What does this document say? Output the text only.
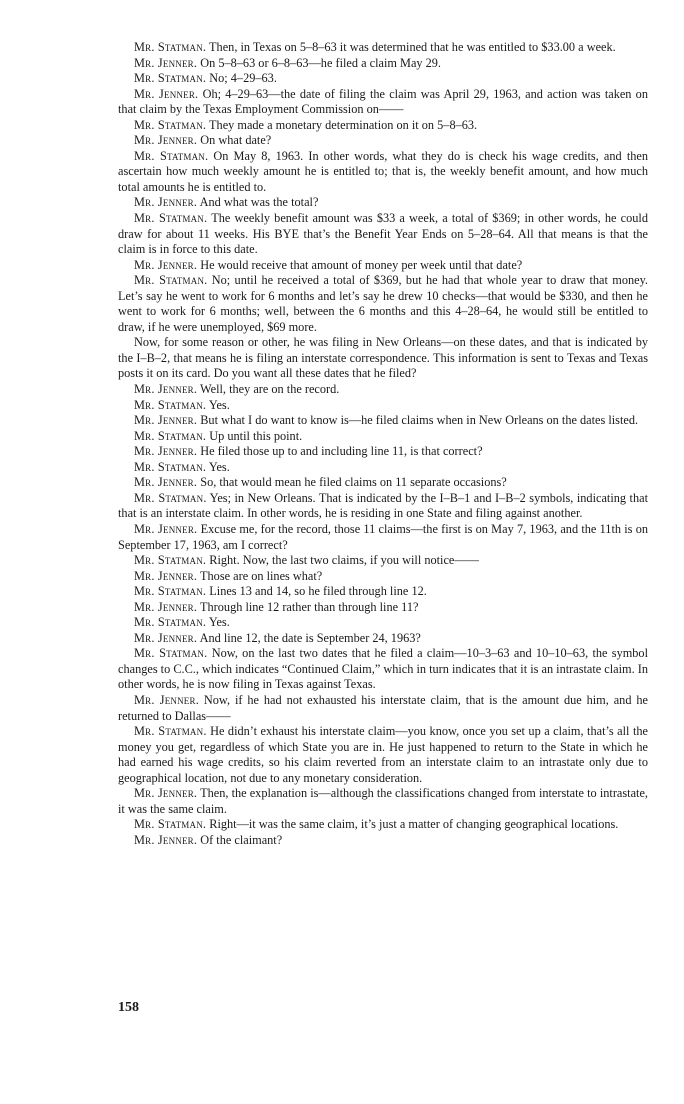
Mr. Statman. Then, in Texas on 5–8–63 it was determined that he was entitled to $33.00 a week.

Mr. Jenner. On 5–8–63 or 6–8–63—he filed a claim May 29.

Mr. Statman. No; 4–29–63.

Mr. Jenner. Oh; 4–29–63—the date of filing the claim was April 29, 1963, and action was taken on that claim by the Texas Employment Commission on——

Mr. Statman. They made a monetary determination on it on 5–8–63.

Mr. Jenner. On what date?

Mr. Statman. On May 8, 1963. In other words, what they do is check his wage credits, and then ascertain how much weekly amount he is entitled to; that is, the weekly benefit amount, and how much total amounts he is entitled to.

Mr. Jenner. And what was the total?

Mr. Statman. The weekly benefit amount was $33 a week, a total of $369; in other words, he could draw for about 11 weeks. His BYE that’s the Benefit Year Ends on 5–28–64. All that means is that the claim is in force to this date.

Mr. Jenner. He would receive that amount of money per week until that date?

Mr. Statman. No; until he received a total of $369, but he had that whole year to draw that money. Let’s say he went to work for 6 months and let’s say he drew 10 checks—that would be $330, and then he went to work for 6 months; well, between the 6 months and this 4–28–64, he would still be entitled to draw, if he were unemployed, $69 more.

Now, for some reason or other, he was filing in New Orleans—on these dates, and that is indicated by the I–B–2, that means he is filing an interstate correspondence. This information is sent to Texas and Texas posts it on its card. Do you want all these dates that he filed?

Mr. Jenner. Well, they are on the record.

Mr. Statman. Yes.

Mr. Jenner. But what I do want to know is—he filed claims when in New Orleans on the dates listed.

Mr. Statman. Up until this point.

Mr. Jenner. He filed those up to and including line 11, is that correct?

Mr. Statman. Yes.

Mr. Jenner. So, that would mean he filed claims on 11 separate occasions?

Mr. Statman. Yes; in New Orleans. That is indicated by the I–B–1 and I–B–2 symbols, indicating that that is an interstate claim. In other words, he is residing in one State and filing against another.

Mr. Jenner. Excuse me, for the record, those 11 claims—the first is on May 7, 1963, and the 11th is on September 17, 1963, am I correct?

Mr. Statman. Right. Now, the last two claims, if you will notice——

Mr. Jenner. Those are on lines what?

Mr. Statman. Lines 13 and 14, so he filed through line 12.

Mr. Jenner. Through line 12 rather than through line 11?

Mr. Statman. Yes.

Mr. Jenner. And line 12, the date is September 24, 1963?

Mr. Statman. Now, on the last two dates that he filed a claim—10–3–63 and 10–10–63, the symbol changes to C.C., which indicates “Continued Claim,” which in turn indicates that it is an intrastate claim. In other words, he is now filing in Texas against Texas.

Mr. Jenner. Now, if he had not exhausted his interstate claim, that is the amount due him, and he returned to Dallas——

Mr. Statman. He didn’t exhaust his interstate claim—you know, once you set up a claim, that’s all the money you get, regardless of which State you are in. He just happened to return to the State in which he had earned his wage credits, so his claim reverted from an interstate claim to an intrastate only due to geographical location, not due to any monetary consideration.

Mr. Jenner. Then, the explanation is—although the classifications changed from interstate to intrastate, it was the same claim.

Mr. Statman. Right—it was the same claim, it’s just a matter of changing geographical locations.

Mr. Jenner. Of the claimant?

158
